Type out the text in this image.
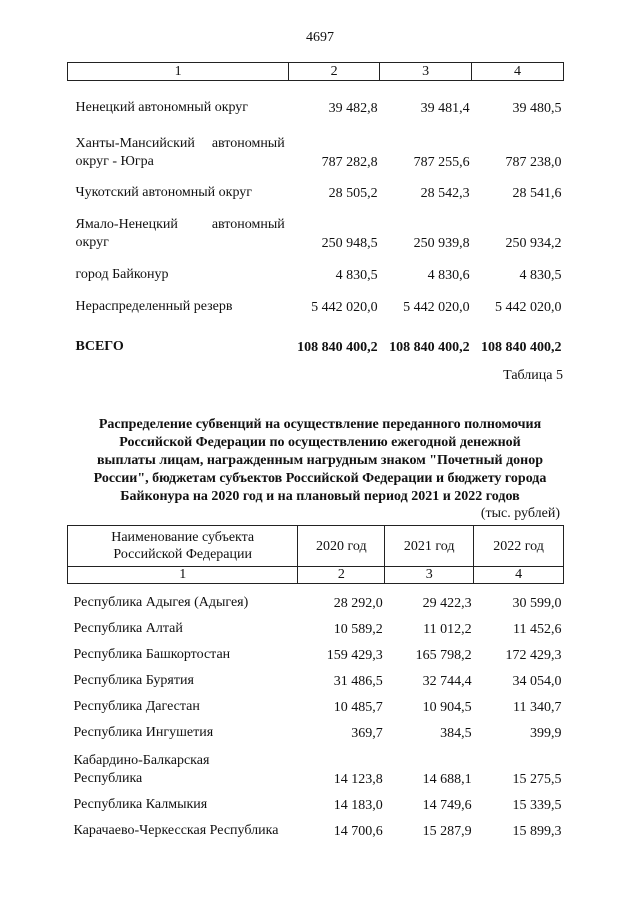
4697
1	2	3	4
Ненецкий автономный округ	39 482,8	39 481,4	39 480,5

Ханты-Мансийский автономный
округ - Югра	787 282,8	787 255,6	787 238,0
Чукотский автономный округ	28 505,2	28 542,3	28 541,6

Ямало-Ненецкий автономный
округ	250 948,5	250 939,8	250 934,2
город Байконур	4 830,5	4 830,6	4 830,5
Нераспределенный резерв	5 442 020,0	5 442 020,0	5 442 020,0
ВСЕГО	108 840 400,2	108 840 400,2	108 840 400,2
Таблица 5
Распределение субвенций на осуществление переданного полномочия
Российской Федерации по осуществлению ежегодной денежной
выплаты лицам, награжденным нагрудным знаком "Почетный донор
России", бюджетам субъектов Российской Федерации и бюджету города
Байконура на 2020 год и на плановый период 2021 и 2022 годов
(тыс. рублей)
Наименование субъекта
Российской Федерации	2020 год	2021 год	2022 год
1	2	3	4
Республика Адыгея (Адыгея)	28 292,0	29 422,3	30 599,0
Республика Алтай	10 589,2	11 012,2	11 452,6
Республика Башкортостан	159 429,3	165 798,2	172 429,3
Республика Бурятия	31 486,5	32 744,4	34 054,0
Республика Дагестан	10 485,7	10 904,5	11 340,7
Республика Ингушетия	369,7	384,5	399,9

Кабардино-Балкарская
Республика	14 123,8	14 688,1	15 275,5
Республика Калмыкия	14 183,0	14 749,6	15 339,5
Карачаево-Черкесская Республика	14 700,6	15 287,9	15 899,3
